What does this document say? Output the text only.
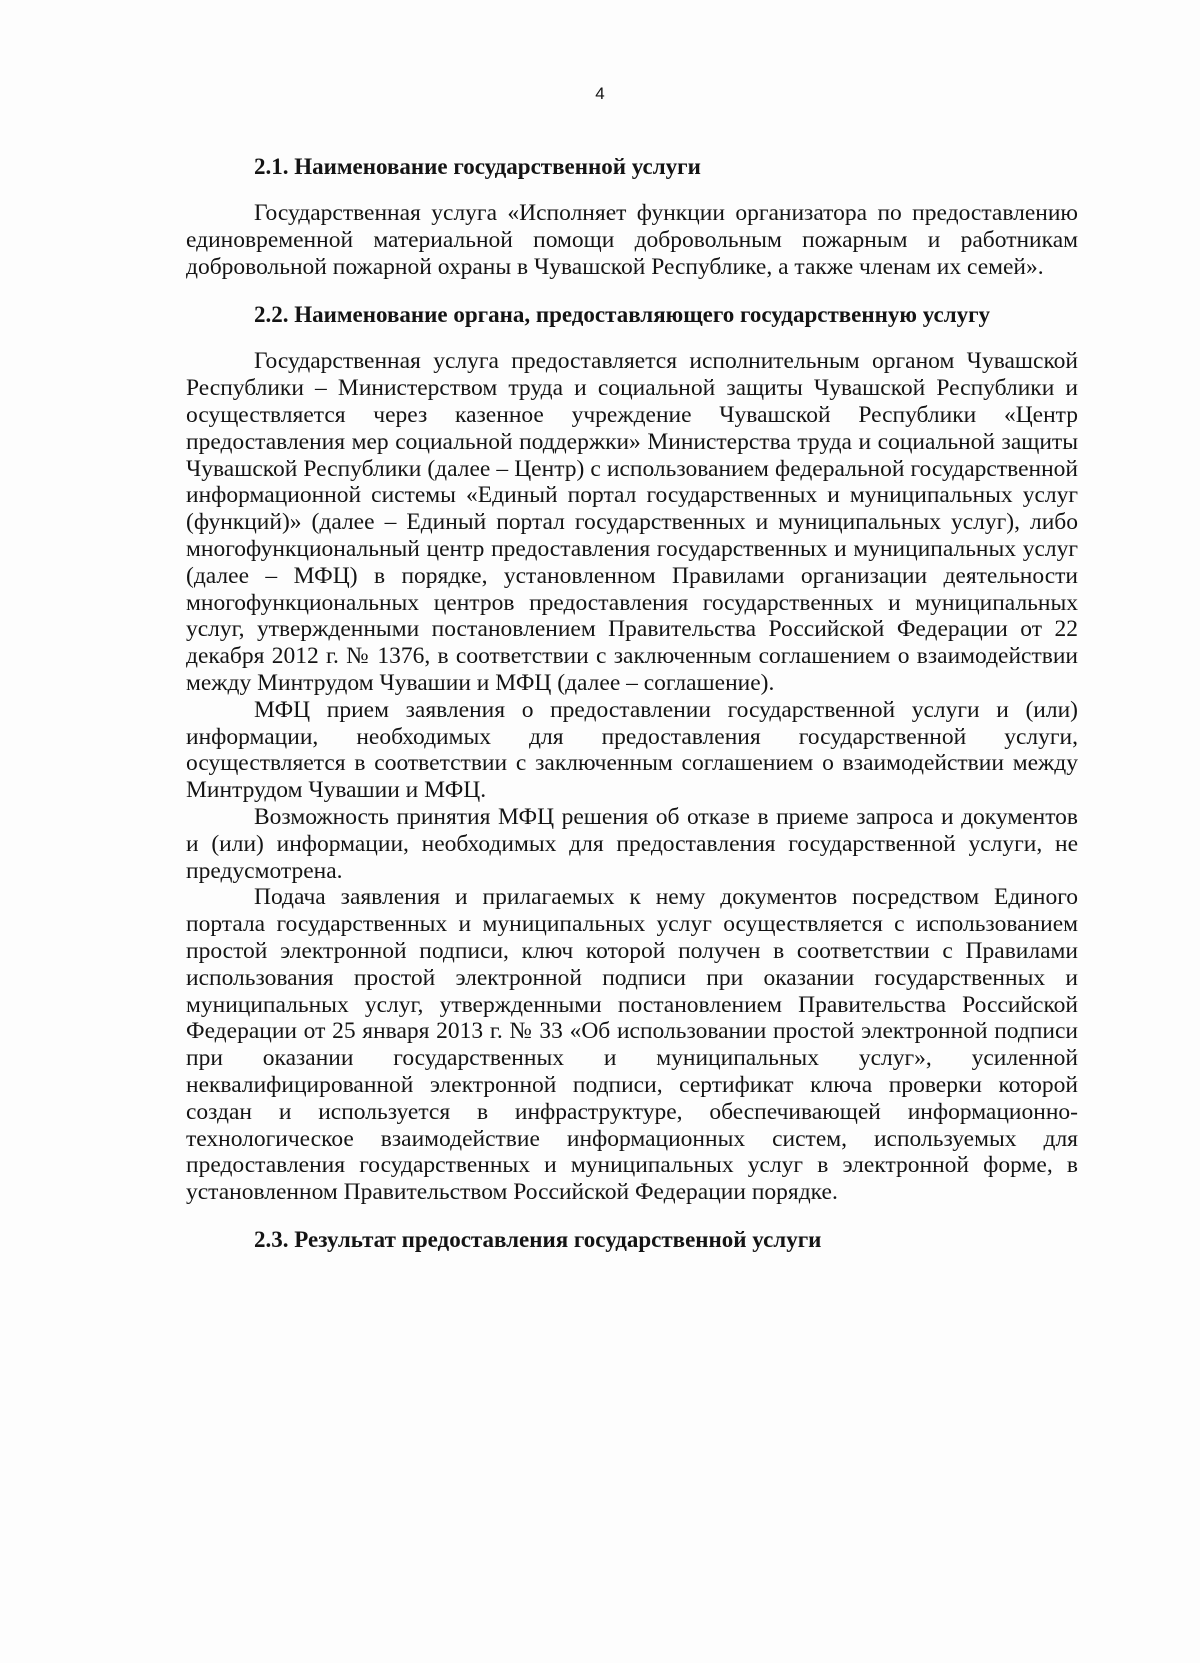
4
2.1. Наименование государственной услуги

Государственная услуга «Исполняет функции организатора по предоставлению единовременной материальной помощи добровольным пожарным и работникам добровольной пожарной охраны в Чувашской Республике, а также членам их семей».

2.2. Наименование органа, предоставляющего государственную услугу

Государственная услуга предоставляется исполнительным органом Чувашской Республики – Министерством труда и социальной защиты Чувашской Республики и осуществляется через казенное учреждение Чувашской Республики «Центр предоставления мер социальной поддержки» Министерства труда и социальной защиты Чувашской Республики (далее – Центр) с использованием федеральной государственной информационной системы «Единый портал государственных и муниципальных услуг (функций)» (далее – Единый портал государственных и муниципальных услуг), либо многофункциональный центр предоставления государственных и муниципальных услуг (далее – МФЦ) в порядке, установленном Правилами организации деятельности многофункциональных центров предоставления государственных и муниципальных услуг, утвержденными постановлением Правительства Российской Федерации от 22 декабря 2012 г. № 1376, в соответствии с заключенным соглашением о взаимодействии между Минтрудом Чувашии и МФЦ (далее – соглашение).

МФЦ прием заявления о предоставлении государственной услуги и (или) информации, необходимых для предоставления государственной услуги, осуществляется в соответствии с заключенным соглашением о взаимодействии между Минтрудом Чувашии и МФЦ.

Возможность принятия МФЦ решения об отказе в приеме запроса и документов и (или) информации, необходимых для предоставления государственной услуги, не предусмотрена.

Подача заявления и прилагаемых к нему документов посредством Единого портала государственных и муниципальных услуг осуществляется с использованием простой электронной подписи, ключ которой получен в соответствии с Правилами использования простой электронной подписи при оказании государственных и муниципальных услуг, утвержденными постановлением Правительства Российской Федерации от 25 января 2013 г. № 33 «Об использовании простой электронной подписи при оказании государственных и муниципальных услуг», усиленной неквалифицированной электронной подписи, сертификат ключа проверки которой создан и используется в инфраструктуре, обеспечивающей информационно-технологическое взаимодействие информационных систем, используемых для предоставления государственных и муниципальных услуг в электронной форме, в установленном Правительством Российской Федерации порядке.

2.3. Результат предоставления государственной услуги
